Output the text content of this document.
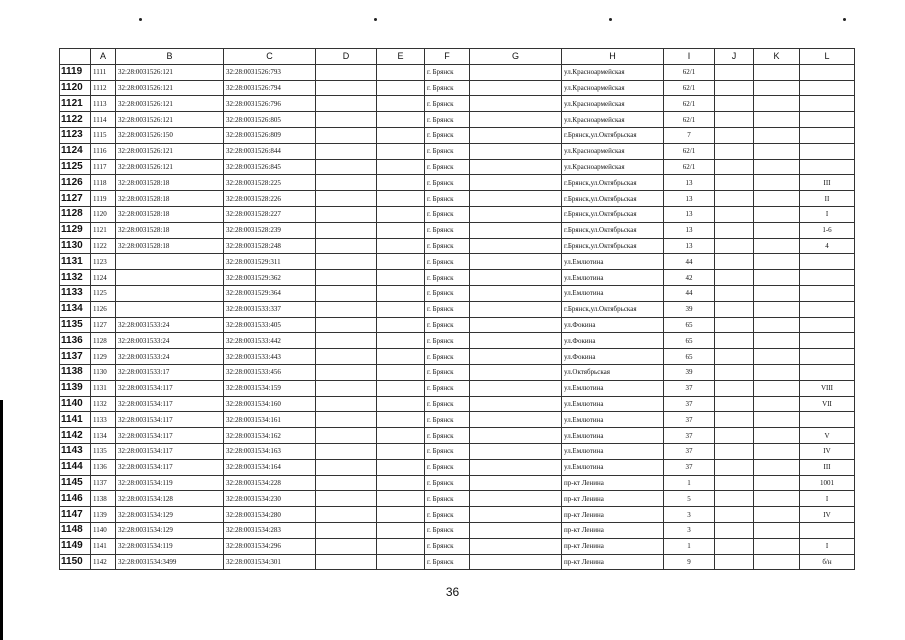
	A	B	C	D	E	F	G	H	I	J	K	L
1119	1111	32:28:0031526:121	32:28:0031526:793			г. Брянск		ул.Красноармейская	62/1			
1120	1112	32:28:0031526:121	32:28:0031526:794			г. Брянск		ул.Красноармейская	62/1			
1121	1113	32:28:0031526:121	32:28:0031526:796			г. Брянск		ул.Красноармейская	62/1			
1122	1114	32:28:0031526:121	32:28:0031526:805			г. Брянск		ул.Красноармейская	62/1			
1123	1115	32:28:0031526:150	32:28:0031526:809			г. Брянск		г.Брянск,ул.Октябрьская	7			
1124	1116	32:28:0031526:121	32:28:0031526:844			г. Брянск		ул.Красноармейская	62/1			
1125	1117	32:28:0031526:121	32:28:0031526:845			г. Брянск		ул.Красноармейская	62/1			
1126	1118	32:28:0031528:18	32:28:0031528:225			г. Брянск		г.Брянск,ул.Октябрьская	13			III
1127	1119	32:28:0031528:18	32:28:0031528:226			г. Брянск		г.Брянск,ул.Октябрьская	13			II
1128	1120	32:28:0031528:18	32:28:0031528:227			г. Брянск		г.Брянск,ул.Октябрьская	13			I
1129	1121	32:28:0031528:18	32:28:0031528:239			г. Брянск		г.Брянск,ул.Октябрьская	13			1-6
1130	1122	32:28:0031528:18	32:28:0031528:248			г. Брянск		г.Брянск,ул.Октябрьская	13			4
1131	1123		32:28:0031529:311			г. Брянск		ул.Емлютина	44			
1132	1124		32:28:0031529:362			г. Брянск		ул.Емлютина	42			
1133	1125		32:28:0031529:364			г. Брянск		ул.Емлютина	44			
1134	1126		32:28:0031533:337			г. Брянск		г.Брянск,ул.Октябрьская	39			
1135	1127	32:28:0031533:24	32:28:0031533:405			г. Брянск		ул.Фокина	65			
1136	1128	32:28:0031533:24	32:28:0031533:442			г. Брянск		ул.Фокина	65			
1137	1129	32:28:0031533:24	32:28:0031533:443			г. Брянск		ул.Фокина	65			
1138	1130	32:28:0031533:17	32:28:0031533:456			г. Брянск		ул.Октябрьская	39			
1139	1131	32:28:0031534:117	32:28:0031534:159			г. Брянск		ул.Емлютина	37			VIII
1140	1132	32:28:0031534:117	32:28:0031534:160			г. Брянск		ул.Емлютина	37			VII
1141	1133	32:28:0031534:117	32:28:0031534:161			г. Брянск		ул.Емлютина	37			
1142	1134	32:28:0031534:117	32:28:0031534:162			г. Брянск		ул.Емлютина	37			V
1143	1135	32:28:0031534:117	32:28:0031534:163			г. Брянск		ул.Емлютина	37			IV
1144	1136	32:28:0031534:117	32:28:0031534:164			г. Брянск		ул.Емлютина	37			III
1145	1137	32:28:0031534:119	32:28:0031534:228			г. Брянск		пр-кт Ленина	1			1001
1146	1138	32:28:0031534:128	32:28:0031534:230			г. Брянск		пр-кт Ленина	5			I
1147	1139	32:28:0031534:129	32:28:0031534:280			г. Брянск		пр-кт Ленина	3			IV
1148	1140	32:28:0031534:129	32:28:0031534:283			г. Брянск		пр-кт Ленина	3			
1149	1141	32:28:0031534:119	32:28:0031534:296			г. Брянск		пр-кт Ленина	1			I
1150	1142	32:28:0031534:3499	32:28:0031534:301			г. Брянск		пр-кт Ленина	9			б/н
36
